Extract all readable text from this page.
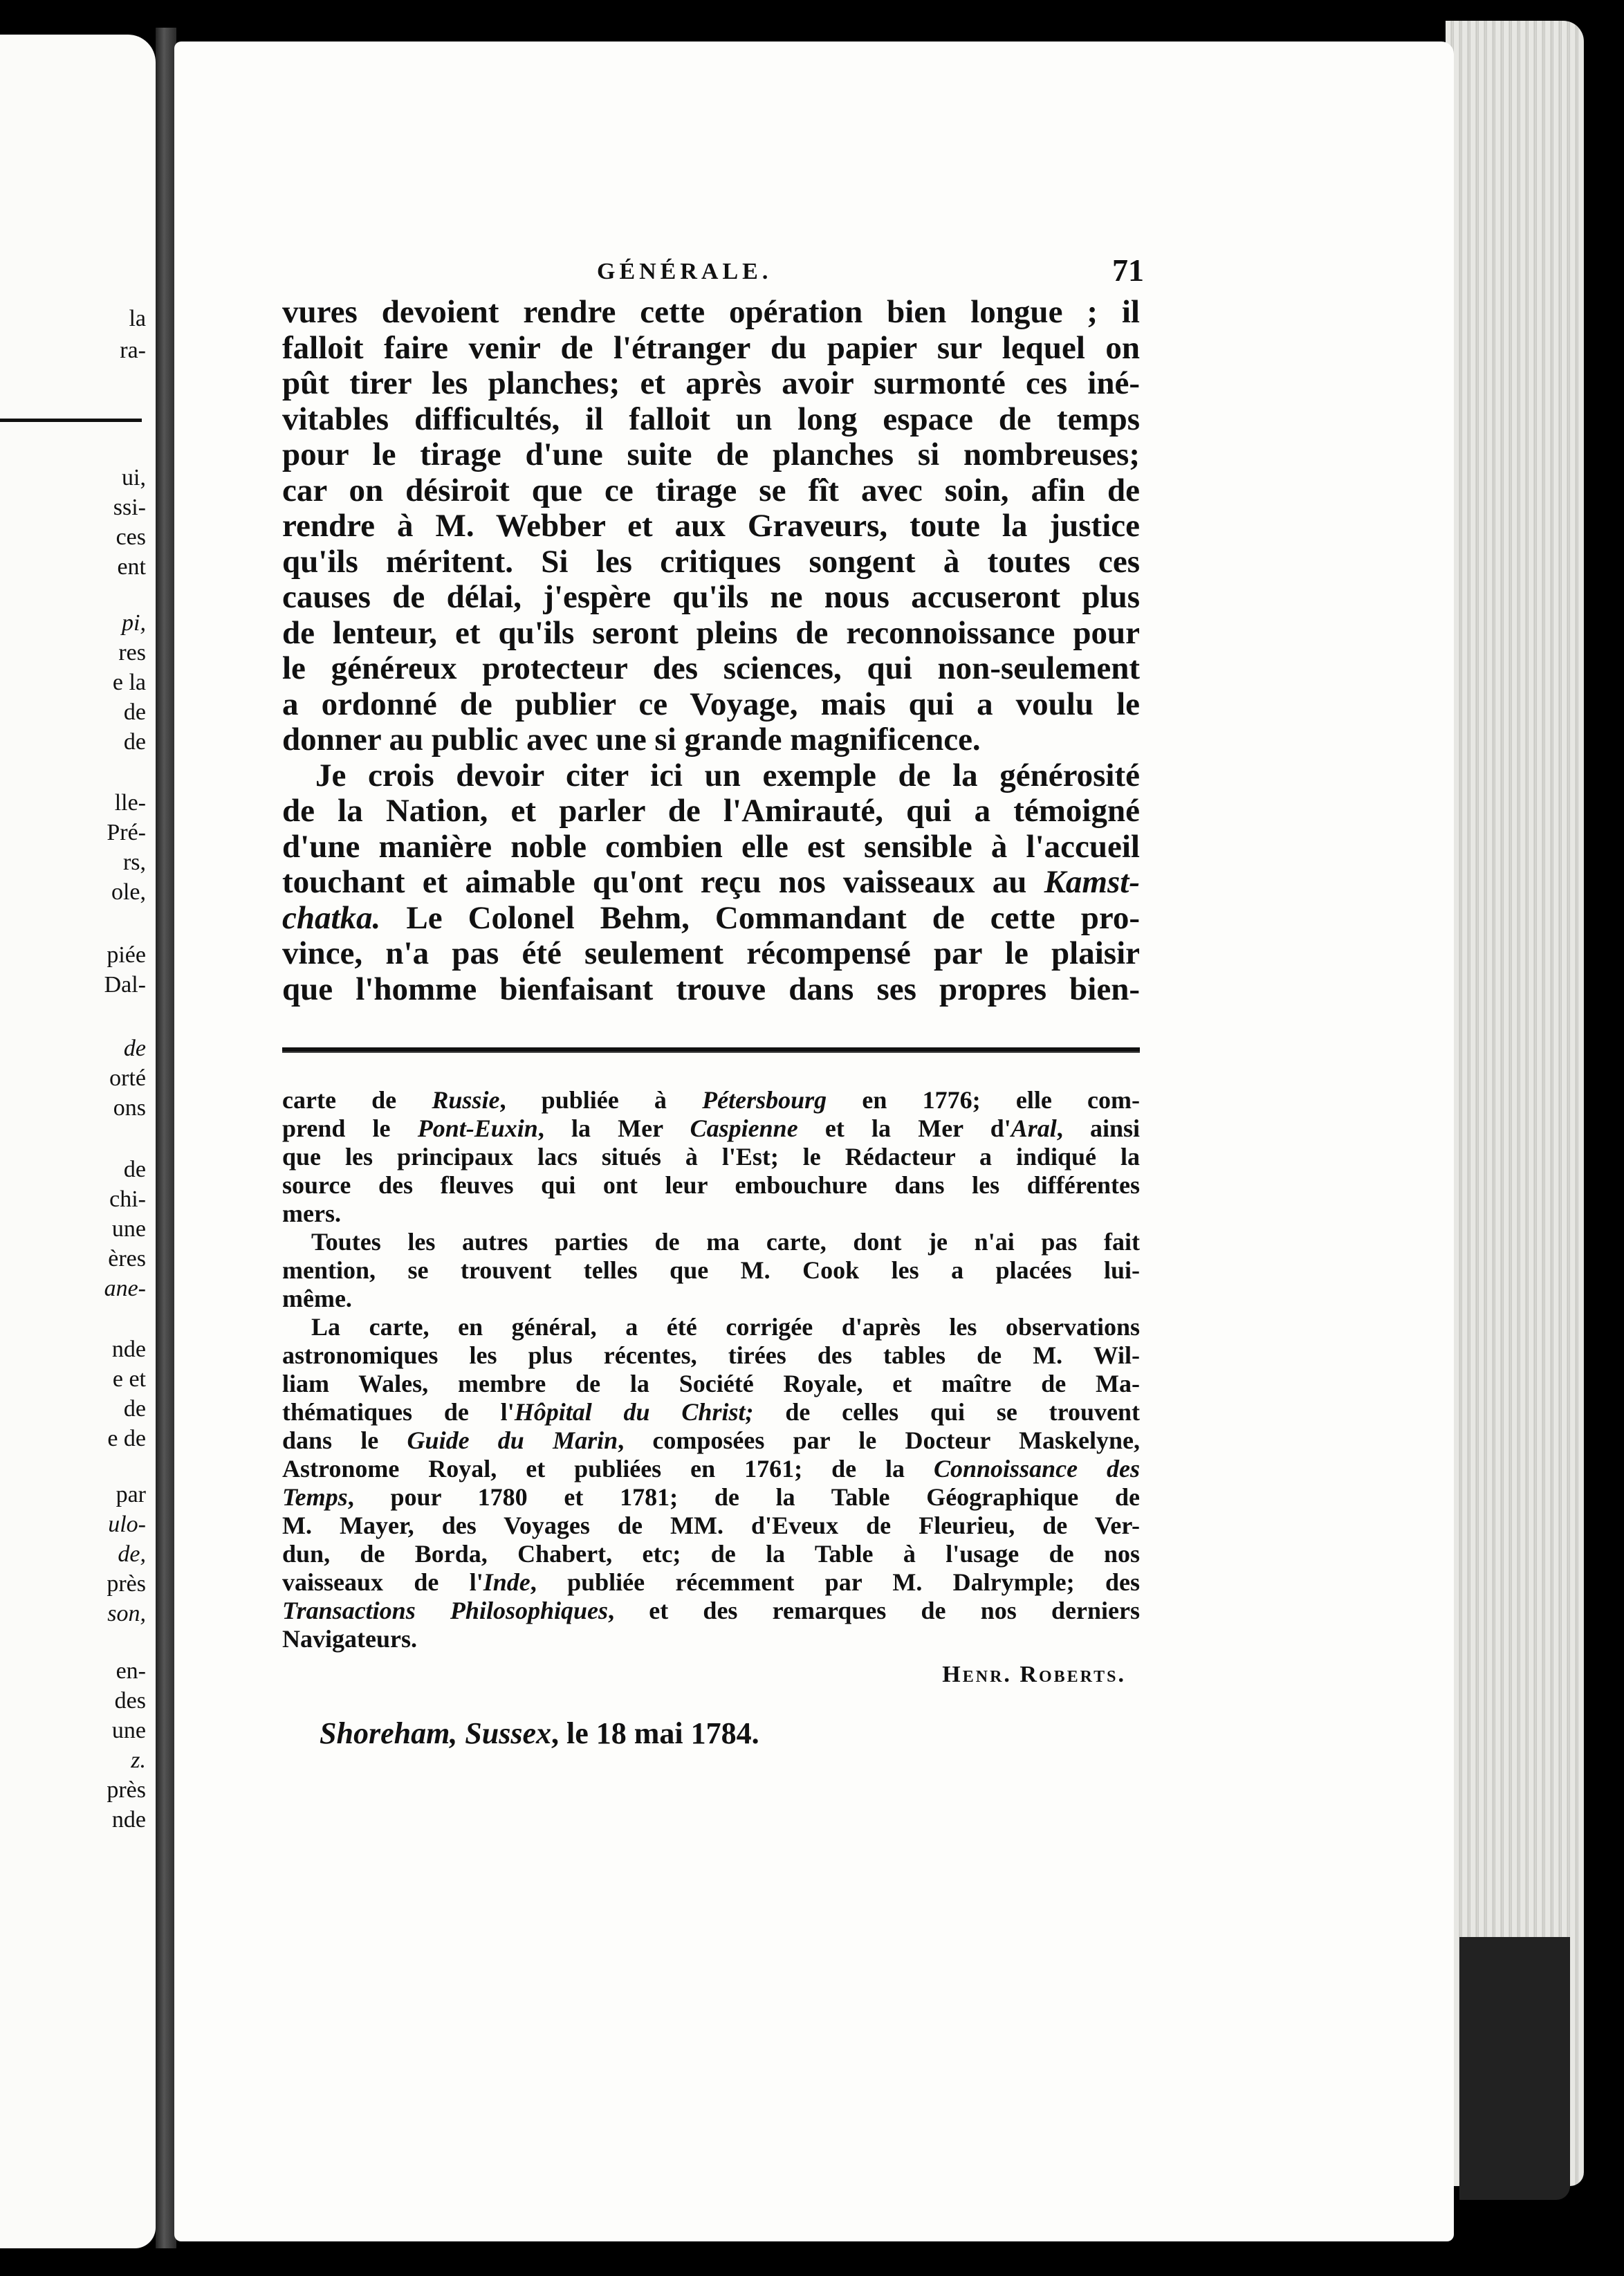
la
ra-
ui,
ssi-
ces
ent
pi,
res
e la
de
de
lle-
Pré-
rs,
ole,
piée
Dal-
de
orté
ons
de
chi-
une
ères
ane-
nde
e et
de
e de
par
ulo-
de,
près
son,
en-
des
une
z.
près
nde
GÉNÉRALE.	71
vures devoient rendre cette opération bien longue ; il
falloit faire venir de l'étranger du papier sur lequel on
pût tirer les planches; et après avoir surmonté ces iné-
vitables difficultés, il falloit un long espace de temps
pour le tirage d'une suite de planches si nombreuses;
car on désiroit que ce tirage se fît avec soin, afin de
rendre à M. Webber et aux Graveurs, toute la justice
qu'ils méritent. Si les critiques songent à toutes ces
causes de délai, j'espère qu'ils ne nous accuseront plus
de lenteur, et qu'ils seront pleins de reconnoissance pour
le généreux protecteur des sciences, qui non-seulement
a ordonné de publier ce Voyage, mais qui a voulu le
donner au public avec une si grande magnificence.
Je crois devoir citer ici un exemple de la générosité
de la Nation, et parler de l'Amirauté, qui a témoigné
d'une manière noble combien elle est sensible à l'accueil
touchant et aimable qu'ont reçu nos vaisseaux au Kamst-
chatka. Le Colonel Behm, Commandant de cette pro-
vince, n'a pas été seulement récompensé par le plaisir
que l'homme bienfaisant trouve dans ses propres bien-
carte de Russie, publiée à Pétersbourg en 1776; elle com-
prend le Pont-Euxin, la Mer Caspienne et la Mer d'Aral, ainsi
que les principaux lacs situés à l'Est; le Rédacteur a indiqué la
source des fleuves qui ont leur embouchure dans les différentes
mers.
Toutes les autres parties de ma carte, dont je n'ai pas fait
mention, se trouvent telles que M. Cook les a placées lui-
même.
La carte, en général, a été corrigée d'après les observations
astronomiques les plus récentes, tirées des tables de M. Wil-
liam Wales, membre de la Société Royale, et maître de Ma-
thématiques de l'Hôpital du Christ; de celles qui se trouvent
dans le Guide du Marin, composées par le Docteur Maskelyne,
Astronome Royal, et publiées en 1761; de la Connoissance des
Temps, pour 1780 et 1781; de la Table Géographique de
M. Mayer, des Voyages de MM. d'Eveux de Fleurieu, de Ver-
dun, de Borda, Chabert, etc; de la Table à l'usage de nos
vaisseaux de l'Inde, publiée récemment par M. Dalrymple; des
Transactions Philosophiques, et des remarques de nos derniers
Navigateurs.
Henr. Roberts.
Shoreham, Sussex, le 18 mai 1784.
